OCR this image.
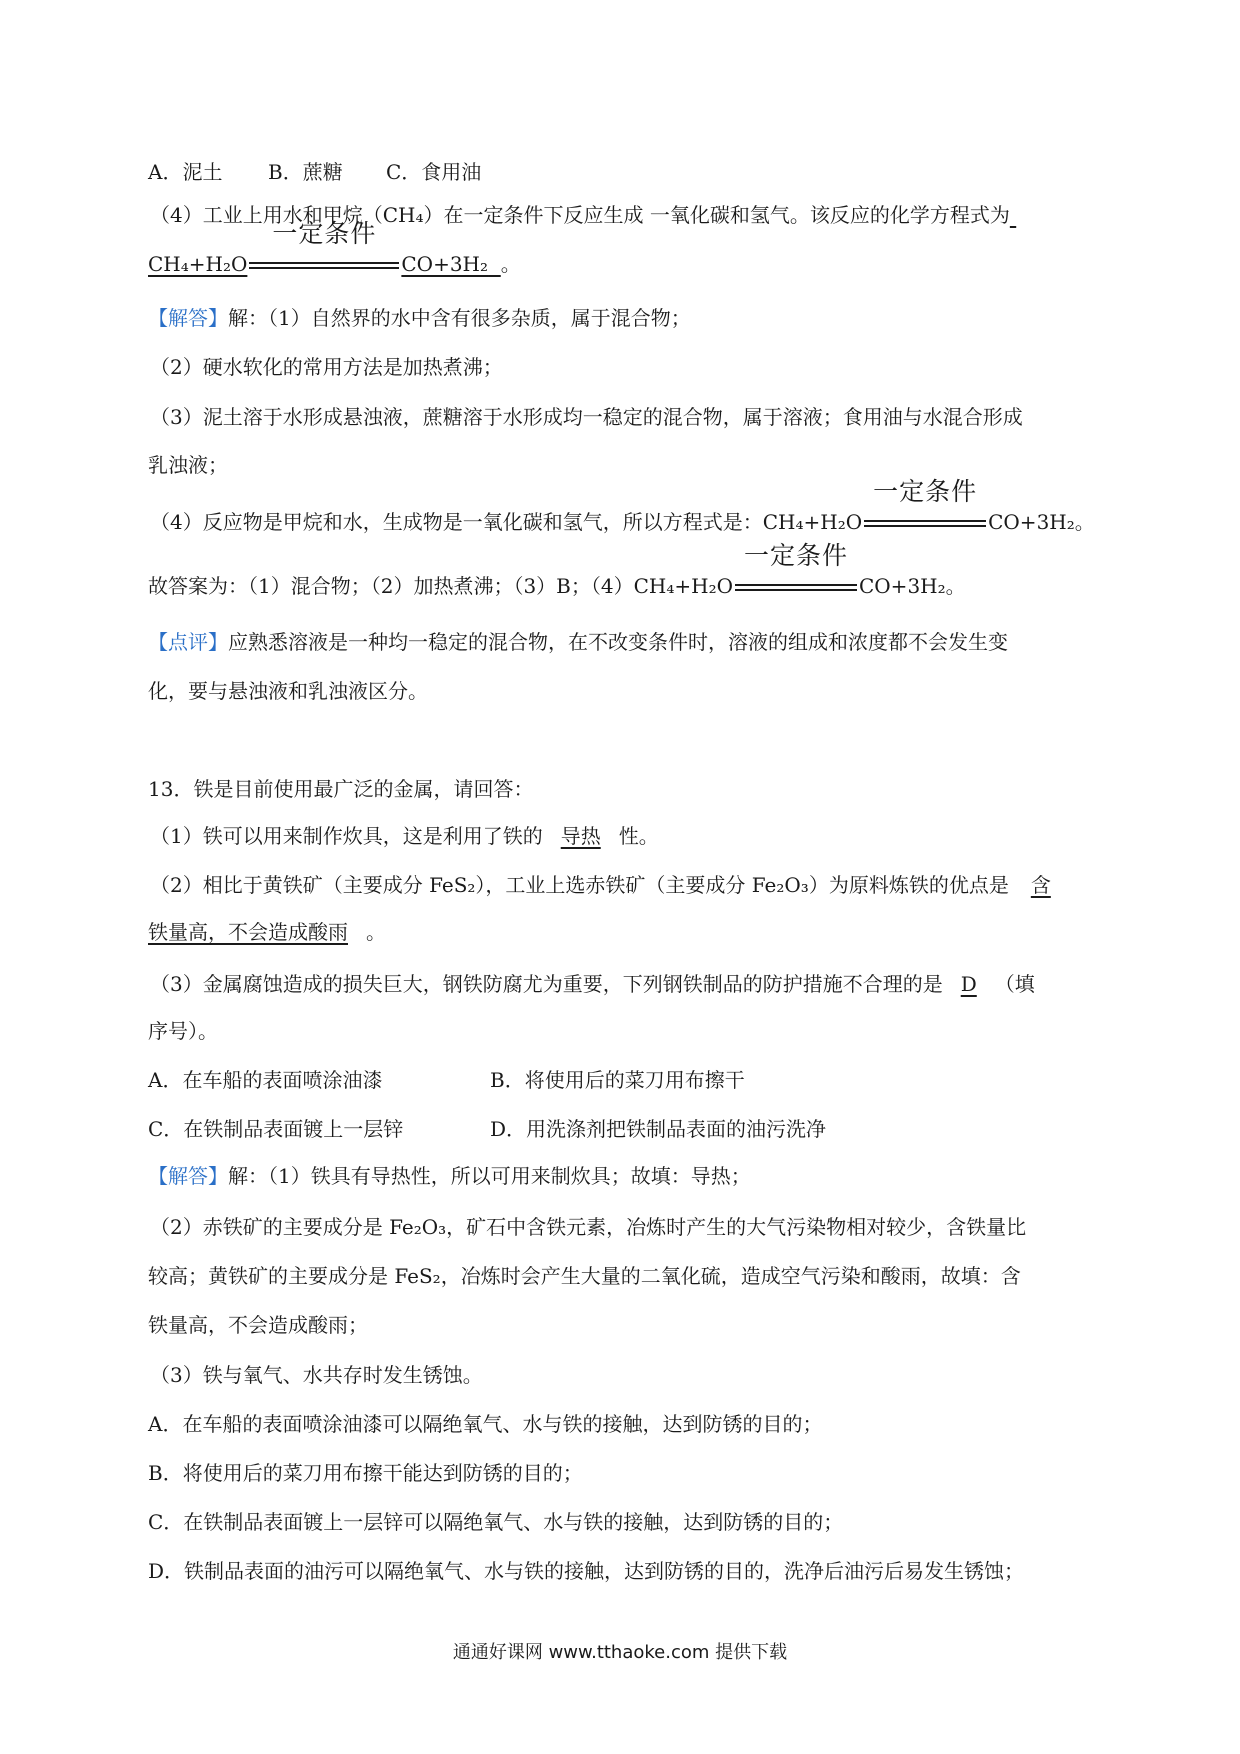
A．泥土 B．蔗糖 C．食用油
（4）工业上用水和甲烷（CH₄）在一定条件下反应生成 一氧化碳和氢气。该反应的化学方程式为
CH₄+H₂O
一定条件
CO+3H₂ 。
【解答】解：（1）自然界的水中含有很多杂质，属于混合物；
（2）硬水软化的常用方法是加热煮沸；
（3）泥土溶于水形成悬浊液，蔗糖溶于水形成均一稳定的混合物，属于溶液；食用油与水混合形成
乳浊液；
（4）反应物是甲烷和水，生成物是一氧化碳和氢气，所以方程式是：CH₄+H₂O
一定条件
CO+3H₂。
故答案为：（1）混合物；（2）加热煮沸；（3）B；（4）CH₄+H₂O
一定条件
CO+3H₂。
【点评】应熟悉溶液是一种均一稳定的混合物，在不改变条件时，溶液的组成和浓度都不会发生变
化，要与悬浊液和乳浊液区分。
13．铁是目前使用最广泛的金属，请回答：
（1）铁可以用来制作炊具，这是利用了铁的 导热 性。
（2）相比于黄铁矿（主要成分 FeS₂），工业上选赤铁矿（主要成分 Fe₂O₃）为原料炼铁的优点是 含
铁量高，不会造成酸雨 。
（3）金属腐蚀造成的损失巨大，钢铁防腐尤为重要，下列钢铁制品的防护措施不合理的是 D （填
序号）。
A．在车船的表面喷涂油漆	B．将使用后的菜刀用布擦干
C．在铁制品表面镀上一层锌	D．用洗涤剂把铁制品表面的油污洗净
【解答】解：（1）铁具有导热性，所以可用来制炊具；故填：导热；
（2）赤铁矿的主要成分是 Fe₂O₃，矿石中含铁元素，冶炼时产生的大气污染物相对较少，含铁量比
较高；黄铁矿的主要成分是 FeS₂，冶炼时会产生大量的二氧化硫，造成空气污染和酸雨，故填：含
铁量高，不会造成酸雨；
（3）铁与氧气、水共存时发生锈蚀。
A．在车船的表面喷涂油漆可以隔绝氧气、水与铁的接触，达到防锈的目的；
B．将使用后的菜刀用布擦干能达到防锈的目的；
C．在铁制品表面镀上一层锌可以隔绝氧气、水与铁的接触，达到防锈的目的；
D．铁制品表面的油污可以隔绝氧气、水与铁的接触，达到防锈的目的，洗净后油污后易发生锈蚀；
通通好课网 www.tthaoke.com 提供下载
